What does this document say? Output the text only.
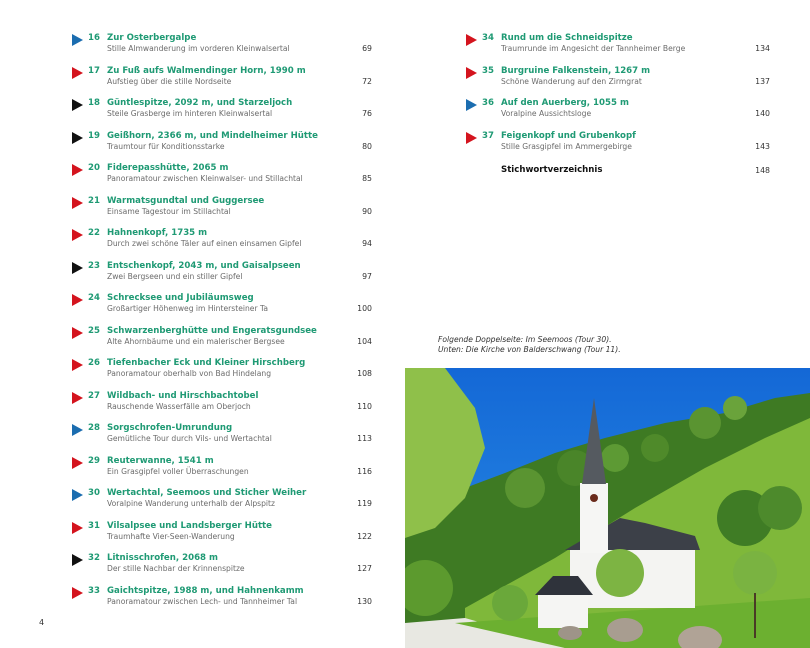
16 Zur Osterbergalpe
Stille Almwanderung im vorderen Kleinwalsertal	69
17 Zu Fuß aufs Walmendinger Horn, 1990 m
Aufstieg über die stille Nordseite	72
18 Güntlespitze, 2092 m, und Starzeljoch
Steile Grasberge im hinteren Kleinwalsertal	76
19 Geißhorn, 2366 m, und Mindelheimer Hütte
Traumtour für Konditionsstarke	80
20 Fiderepasshütte, 2065 m
Panoramatour zwischen Kleinwalser- und Stillachtal	85
21 Warmatsgundtal und Guggersee
Einsame Tagestour im Stillachtal	90
22 Hahnenkopf, 1735 m
Durch zwei schöne Täler auf einen einsamen Gipfel	94
23 Entschenkopf, 2043 m, und Gaisalpseen
Zwei Bergseen und ein stiller Gipfel	97
24 Schrecksee und Jubiläumsweg
Großartiger Höhenweg im Hintersteiner Ta	100
25 Schwarzenberghütte und Engeratsgundsee
Alte Ahornbäume und ein malerischer Bergsee	104
26 Tiefenbacher Eck und Kleiner Hirschberg
Panoramatour oberhalb von Bad Hindelang	108
27 Wildbach- und Hirschbachtobel
Rauschende Wasserfälle am Oberjoch	110
28 Sorgschrofen-Umrundung
Gemütliche Tour durch Vils- und Wertachtal	113
29 Reuterwanne, 1541 m
Ein Grasgipfel voller Überraschungen	116
30 Wertachtal, Seemoos und Sticher Weiher
Voralpine Wanderung unterhalb der Alpspitz	119
31 Vilsalpsee und Landsberger Hütte
Traumhafte Vier-Seen-Wanderung	122
32 Litnisschrofen, 2068 m
Der stille Nachbar der Krinnenspitze	127
33 Gaichtspitze, 1988 m, und Hahnenkamm
Panoramatour zwischen Lech- und Tannheimer Tal	130
4
34 Rund um die Schneidspitze
Traumrunde im Angesicht der Tannheimer Berge	134
35 Burgruine Falkenstein, 1267 m
Schöne Wanderung auf den Zirmgrat	137
36 Auf den Auerberg, 1055 m
Voralpine Aussichtsloge	140
37 Feigenkopf und Grubenkopf
Stille Grasgipfel im Ammergebirge	143
Stichwortverzeichnis	148
Folgende Doppelseite: Im Seemoos (Tour 30).
Unten: Die Kirche von Balderschwang (Tour 11).
